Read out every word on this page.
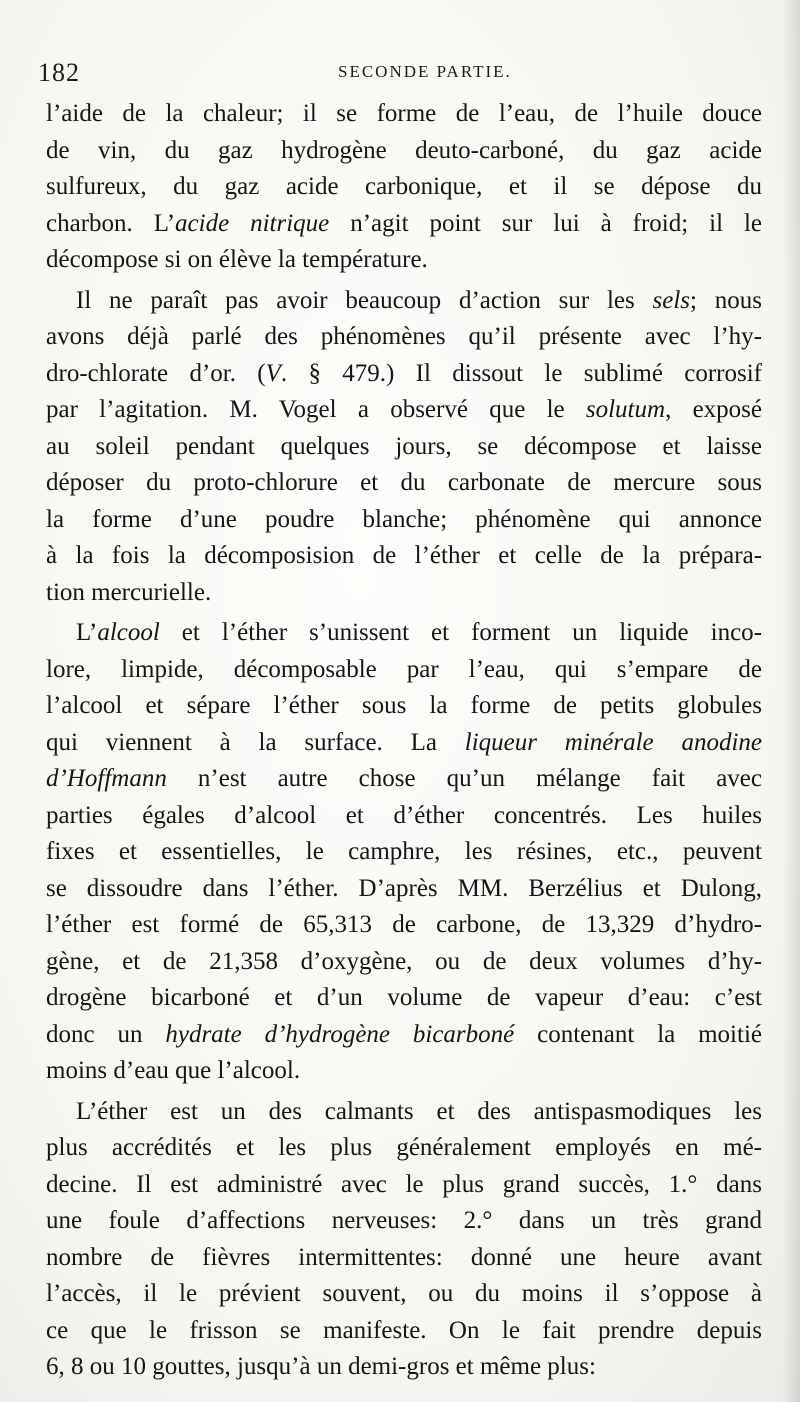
182	SECONDE PARTIE.
l’aide de la chaleur; il se forme de l’eau, de l’huile douce
de vin, du gaz hydrogène deuto-carboné, du gaz acide
sulfureux, du gaz acide carbonique, et il se dépose du
charbon. L’acide nitrique n’agit point sur lui à froid; il le
décompose si on élève la température.
Il ne paraît pas avoir beaucoup d’action sur les sels; nous
avons déjà parlé des phénomènes qu’il présente avec l’hy-
dro-chlorate d’or. (V. § 479.) Il dissout le sublimé corrosif
par l’agitation. M. Vogel a observé que le solutum, exposé
au soleil pendant quelques jours, se décompose et laisse
déposer du proto-chlorure et du carbonate de mercure sous
la forme d’une poudre blanche; phénomène qui annonce
à la fois la décomposision de l’éther et celle de la prépara-
tion mercurielle.
L’alcool et l’éther s’unissent et forment un liquide inco-
lore, limpide, décomposable par l’eau, qui s’empare de
l’alcool et sépare l’éther sous la forme de petits globules
qui viennent à la surface. La liqueur minérale anodine
d’Hoffmann n’est autre chose qu’un mélange fait avec
parties égales d’alcool et d’éther concentrés. Les huiles
fixes et essentielles, le camphre, les résines, etc., peuvent
se dissoudre dans l’éther. D’après MM. Berzélius et Dulong,
l’éther est formé de 65,313 de carbone, de 13,329 d’hydro-
gène, et de 21,358 d’oxygène, ou de deux volumes d’hy-
drogène bicarboné et d’un volume de vapeur d’eau: c’est
donc un hydrate d’hydrogène bicarboné contenant la moitié
moins d’eau que l’alcool.
L’éther est un des calmants et des antispasmodiques les
plus accrédités et les plus généralement employés en mé-
decine. Il est administré avec le plus grand succès, 1.° dans
une foule d’affections nerveuses: 2.° dans un très grand
nombre de fièvres intermittentes: donné une heure avant
l’accès, il le prévient souvent, ou du moins il s’oppose à
ce que le frisson se manifeste. On le fait prendre depuis
6, 8 ou 10 gouttes, jusqu’à un demi-gros et même plus:
